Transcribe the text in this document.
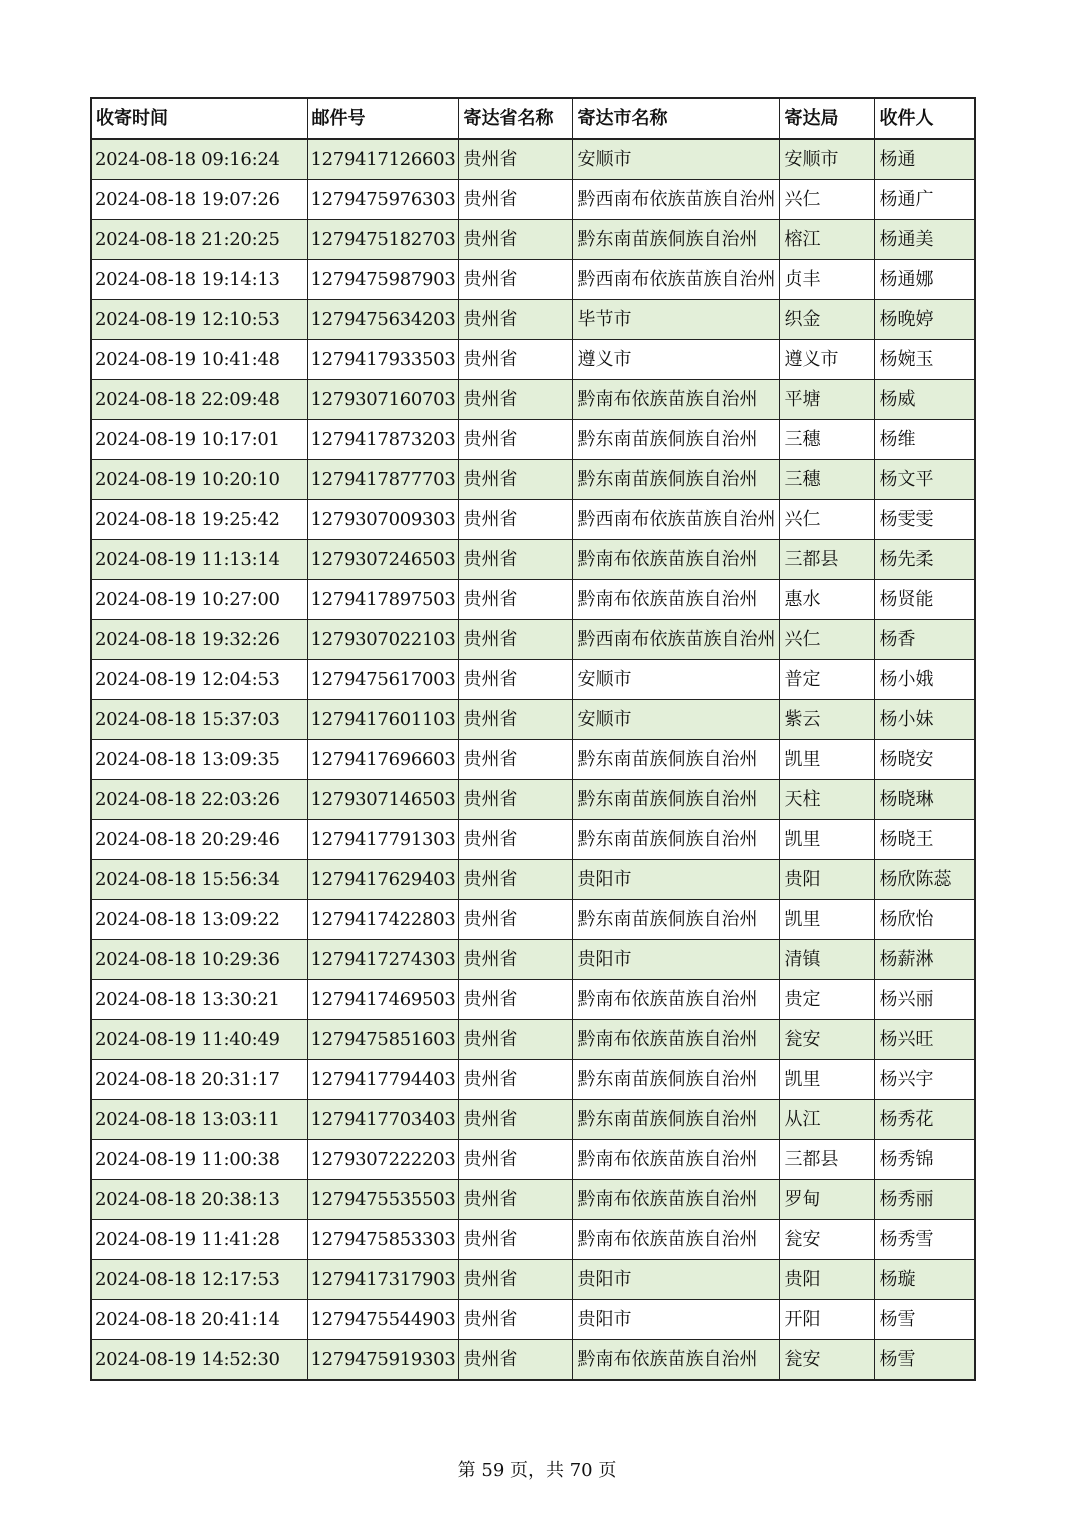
收寄时间	邮件号	寄达省名称	寄达市名称	寄达局	收件人
2024-08-18 09:16:24	1279417126603	贵州省	安顺市	安顺市	杨通
2024-08-18 19:07:26	1279475976303	贵州省	黔西南布依族苗族自治州	兴仁	杨通广
2024-08-18 21:20:25	1279475182703	贵州省	黔东南苗族侗族自治州	榕江	杨通美
2024-08-18 19:14:13	1279475987903	贵州省	黔西南布依族苗族自治州	贞丰	杨通娜
2024-08-19 12:10:53	1279475634203	贵州省	毕节市	织金	杨晚婷
2024-08-19 10:41:48	1279417933503	贵州省	遵义市	遵义市	杨婉玉
2024-08-18 22:09:48	1279307160703	贵州省	黔南布依族苗族自治州	平塘	杨威
2024-08-19 10:17:01	1279417873203	贵州省	黔东南苗族侗族自治州	三穗	杨维
2024-08-19 10:20:10	1279417877703	贵州省	黔东南苗族侗族自治州	三穗	杨文平
2024-08-18 19:25:42	1279307009303	贵州省	黔西南布依族苗族自治州	兴仁	杨雯雯
2024-08-19 11:13:14	1279307246503	贵州省	黔南布依族苗族自治州	三都县	杨先柔
2024-08-19 10:27:00	1279417897503	贵州省	黔南布依族苗族自治州	惠水	杨贤能
2024-08-18 19:32:26	1279307022103	贵州省	黔西南布依族苗族自治州	兴仁	杨香
2024-08-19 12:04:53	1279475617003	贵州省	安顺市	普定	杨小娥
2024-08-18 15:37:03	1279417601103	贵州省	安顺市	紫云	杨小妹
2024-08-18 13:09:35	1279417696603	贵州省	黔东南苗族侗族自治州	凯里	杨晓安
2024-08-18 22:03:26	1279307146503	贵州省	黔东南苗族侗族自治州	天柱	杨晓琳
2024-08-18 20:29:46	1279417791303	贵州省	黔东南苗族侗族自治州	凯里	杨晓王
2024-08-18 15:56:34	1279417629403	贵州省	贵阳市	贵阳	杨欣陈蕊
2024-08-18 13:09:22	1279417422803	贵州省	黔东南苗族侗族自治州	凯里	杨欣怡
2024-08-18 10:29:36	1279417274303	贵州省	贵阳市	清镇	杨薪淋
2024-08-18 13:30:21	1279417469503	贵州省	黔南布依族苗族自治州	贵定	杨兴丽
2024-08-19 11:40:49	1279475851603	贵州省	黔南布依族苗族自治州	瓮安	杨兴旺
2024-08-18 20:31:17	1279417794403	贵州省	黔东南苗族侗族自治州	凯里	杨兴宇
2024-08-18 13:03:11	1279417703403	贵州省	黔东南苗族侗族自治州	从江	杨秀花
2024-08-19 11:00:38	1279307222203	贵州省	黔南布依族苗族自治州	三都县	杨秀锦
2024-08-18 20:38:13	1279475535503	贵州省	黔南布依族苗族自治州	罗甸	杨秀丽
2024-08-19 11:41:28	1279475853303	贵州省	黔南布依族苗族自治州	瓮安	杨秀雪
2024-08-18 12:17:53	1279417317903	贵州省	贵阳市	贵阳	杨璇
2024-08-18 20:41:14	1279475544903	贵州省	贵阳市	开阳	杨雪
2024-08-19 14:52:30	1279475919303	贵州省	黔南布依族苗族自治州	瓮安	杨雪
第 59 页，共 70 页
